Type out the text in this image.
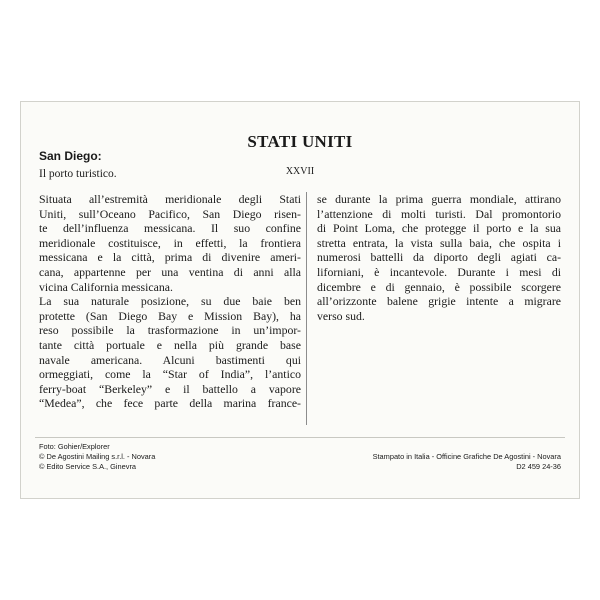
San Diego:

Il porto turistico.

STATI UNITI

XXVII

Situata all’estremità meridionale degli Stati
Uniti, sull’Oceano Pacifico, San Diego risen-
te dell’influenza messicana. Il suo confine
meridionale costituisce, in effetti, la frontiera
messicana e la città, prima di divenire ameri-
cana, appartenne per una ventina di anni alla
vicina California messicana.
La sua naturale posizione, su due baie ben
protette (San Diego Bay e Mission Bay), ha
reso possibile la trasformazione in un’impor-
tante città portuale e nella più grande base
navale americana. Alcuni bastimenti qui
ormeggiati, come la “Star of India”, l’antico
ferry-boat “Berkeley” e il battello a vapore
“Medea”, che fece parte della marina france-
se durante la prima guerra mondiale, attirano
l’attenzione di molti turisti. Dal promontorio
di Point Loma, che protegge il porto e la sua
stretta entrata, la vista sulla baia, che ospita i
numerosi battelli da diporto degli agiati ca-
liforniani, è incantevole. Durante i mesi di
dicembre e di gennaio, è possibile scorgere
all’orizzonte balene grigie intente a migrare
verso sud.
Foto: Gohier/Explorer
© De Agostini Mailing s.r.l. - Novara
© Edito Service S.A., Ginevra
Stampato in Italia - Officine Grafiche De Agostini - Novara
D2 459 24-36
